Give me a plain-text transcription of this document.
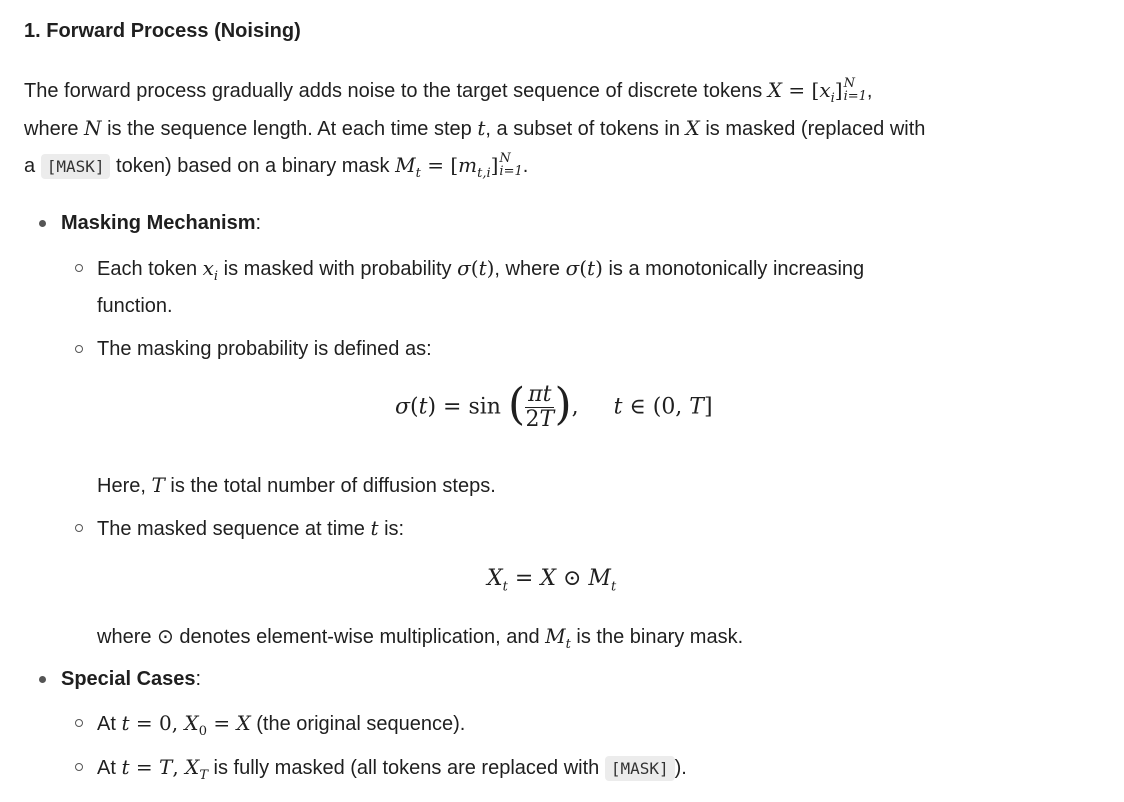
1. Forward Process (Noising)
The forward process gradually adds noise to the target sequence of discrete tokens $X = [x_i]$ N
i=1 ,
where N is the sequence length. At each time step t, a subset of tokens in X is masked (replaced with
a [MASK] token) based on a binary mask $M_t = [m_{t,i}]$ N
i=1 .
Masking Mechanism:
Each token $x_i$ is masked with probability σ(t), where σ(t) is a monotonically increasing
function.
The masking probability is defined as:
σ(t) = sin ( $\frac{\pi t}{2T}$ ),     t ∈ (0, T]
Here, T is the total number of diffusion steps.
The masked sequence at time t is:
$X_t = X$ ⊙ $M_t$
where ⊙ denotes element-wise multiplication, and $M_t$ is the binary mask.
Special Cases:
At t = 0, $X_0 = X$ (the original sequence).
At t = T, $X_T$ is fully masked (all tokens are replaced with [MASK] ).
